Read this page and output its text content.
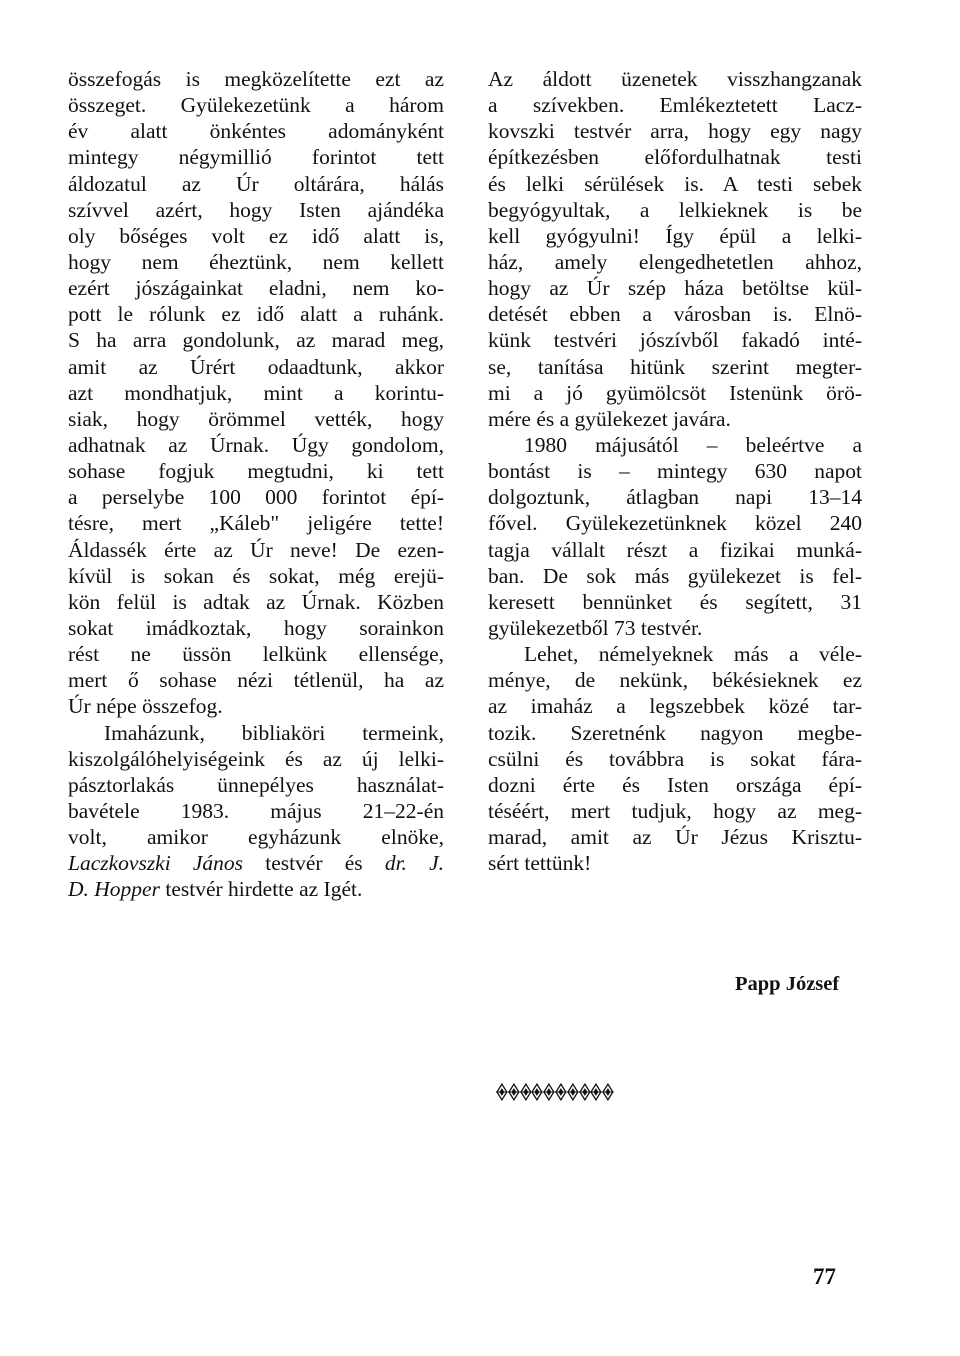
összefogás is megközelítette ezt az
összeget. Gyülekezetünk a három
év alatt önkéntes adományként
mintegy négymillió forintot tett
áldozatul az Úr oltárára, hálás
szívvel azért, hogy Isten ajándéka
oly bőséges volt ez idő alatt is,
hogy nem éheztünk, nem kellett
ezért jószágainkat eladni, nem ko-
pott le rólunk ez idő alatt a ruhánk.
S ha arra gondolunk, az marad meg,
amit az Úrért odaadtunk, akkor
azt mondhatjuk, mint a korintu-
siak, hogy örömmel vették, hogy
adhatnak az Úrnak. Úgy gondolom,
sohase fogjuk megtudni, ki tett
a perselybe 100 000 forintot épí-
tésre, mert „Káleb" jeligére tette!
Áldassék érte az Úr neve! De ezen-
kívül is sokan és sokat, még erejü-
kön felül is adtak az Úrnak. Közben
sokat imádkoztak, hogy sorainkon
rést ne üssön lelkünk ellensége,
mert ő sohase nézi tétlenül, ha az
Úr népe összefog.
Imaházunk, bibliaköri termeink,
kiszolgálóhelyiségeink és az új lelki-
pásztorlakás ünnepélyes használat-
bavétele 1983. május 21–22-én
volt, amikor egyházunk elnöke,
Laczkovszki János testvér és dr. J.
D. Hopper testvér hirdette az Igét.
Az áldott üzenetek visszhangzanak
a szívekben. Emlékeztetett Lacz-
kovszki testvér arra, hogy egy nagy
építkezésben előfordulhatnak testi
és lelki sérülések is. A testi sebek
begyógyultak, a lelkieknek is be
kell gyógyulni! Így épül a lelki-
ház, amely elengedhetetlen ahhoz,
hogy az Úr szép háza betöltse kül-
detését ebben a városban is. Elnö-
künk testvéri jószívből fakadó inté-
se, tanítása hitünk szerint megter-
mi a jó gyümölcsöt Istenünk örö-
mére és a gyülekezet javára.
1980 májusától – beleértve a
bontást is – mintegy 630 napot
dolgoztunk, átlagban napi 13–14
fővel. Gyülekezetünknek közel 240
tagja vállalt részt a fizikai munká-
ban. De sok más gyülekezet is fel-
keresett bennünket és segített, 31
gyülekezetből 73 testvér.
Lehet, némelyeknek más a véle-
ménye, de nekünk, békésieknek ez
az imaház a legszebbek közé tar-
tozik. Szeretnénk nagyon megbe-
csülni és továbbra is sokat fára-
dozni érte és Isten országa épí-
téséért, mert tudjuk, hogy az meg-
marad, amit az Úr Jézus Krisztu-
sért tettünk!
Papp József
77
